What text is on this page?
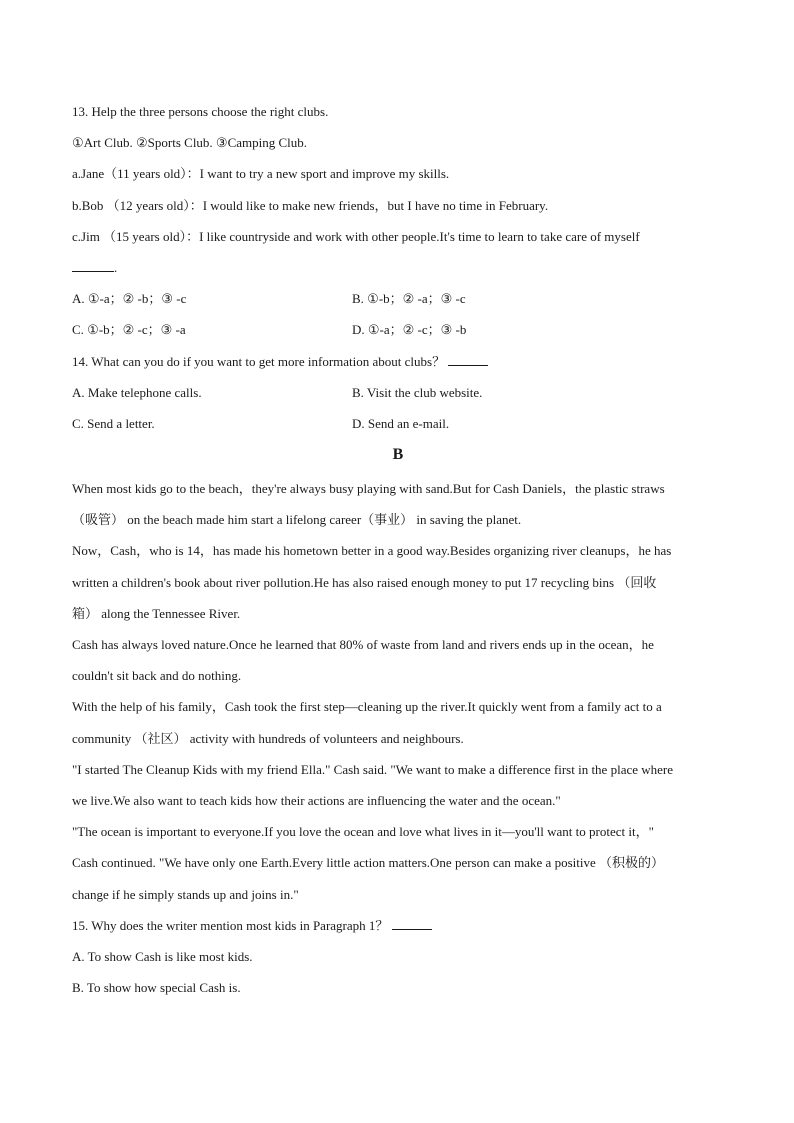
13. Help the three persons choose the right clubs.
①Art Club. ②Sports Club. ③Camping Club.
a.Jane（11 years old）：I want to try a new sport and improve my skills.
b.Bob （12 years old）：I would like to make new friends，but I have no time in February.
c.Jim （15 years old）：I like countryside and work with other people.It's time to learn to take care of myself
.
A. ①-a；② -b；③ -c	B. ①-b；② -a；③ -c
C. ①-b；② -c；③ -a	D. ①-a；② -c；③ -b
14. What can you do if you want to get more information about clubs？
A. Make telephone calls.	B. Visit the club website.
C. Send a letter.	D. Send an e-mail.
B
When most kids go to the beach，they're always busy playing with sand.But for Cash Daniels，the plastic straws
（吸管） on the beach made him start a lifelong career（事业） in saving the planet.
Now，Cash，who is 14，has made his hometown better in a good way.Besides organizing river cleanups，he has
written a children's book about river pollution.He has also raised enough money to put 17 recycling bins （回收
箱） along the Tennessee River.
Cash has always loved nature.Once he learned that 80% of waste from land and rivers ends up in the ocean，he
couldn't sit back and do nothing.
With the help of his family，Cash took the first step—cleaning up the river.It quickly went from a family act to a
community （社区） activity with hundreds of volunteers and neighbours.
"I started The Cleanup Kids with my friend Ella." Cash said. "We want to make a difference first in the place where
we live.We also want to teach kids how their actions are influencing the water and the ocean."
"The ocean is important to everyone.If you love the ocean and love what lives in it—you'll want to protect it，"
Cash continued. "We have only one Earth.Every little action matters.One person can make a positive （积极的）
change if he simply stands up and joins in."
15. Why does the writer mention most kids in Paragraph 1？
A. To show Cash is like most kids.
B. To show how special Cash is.
